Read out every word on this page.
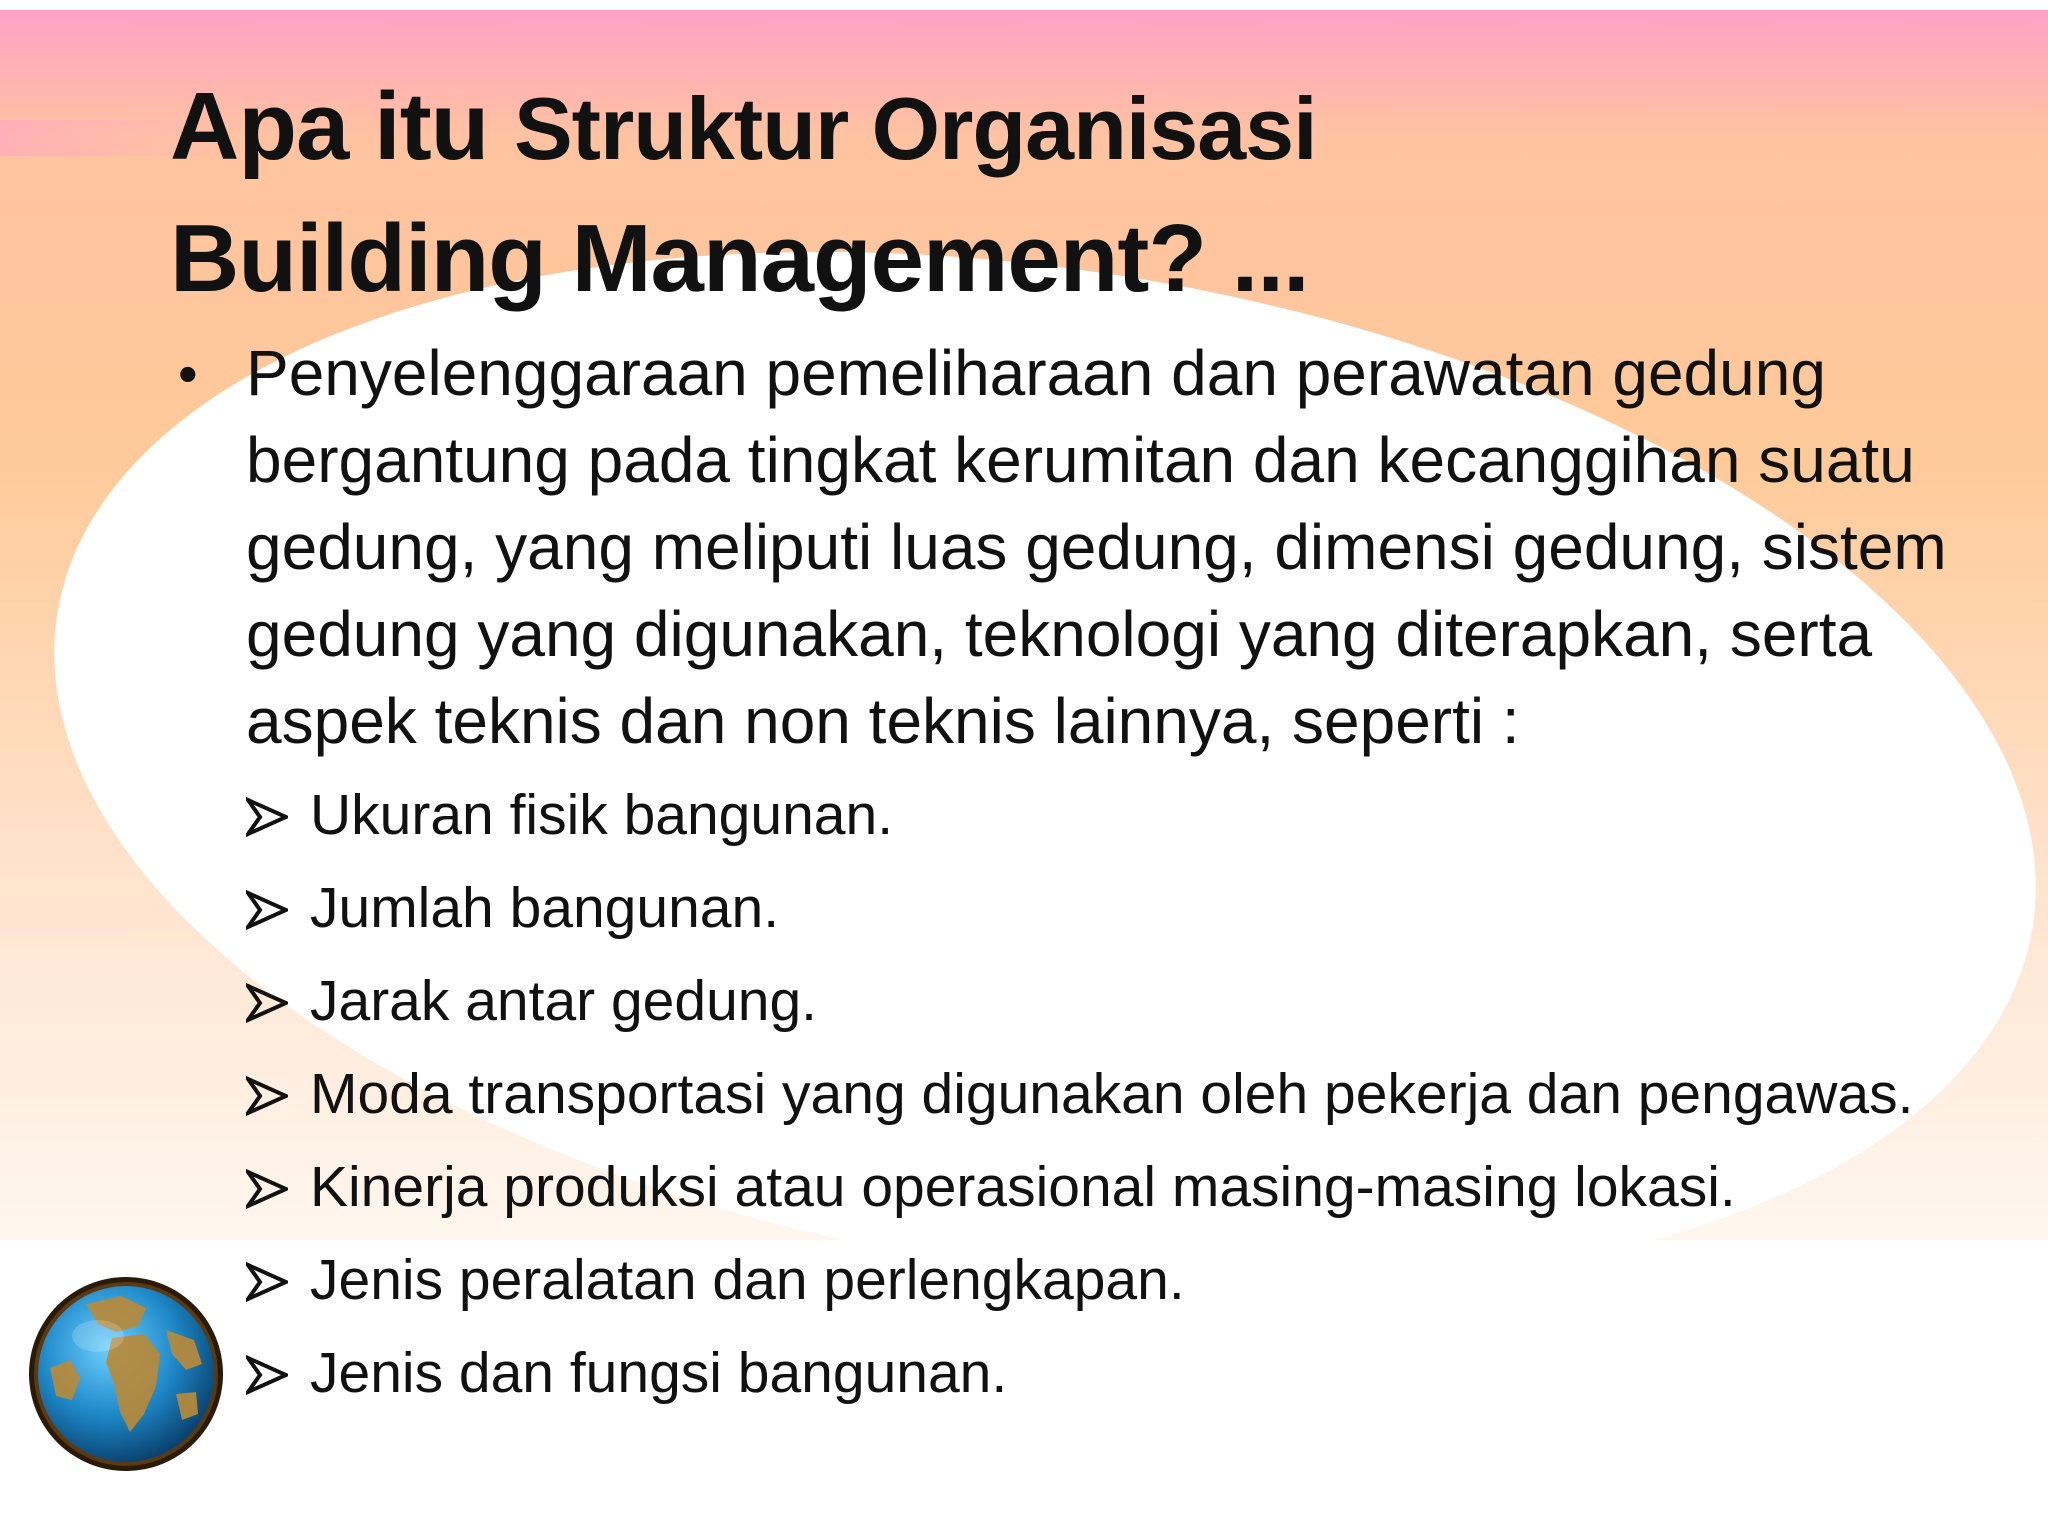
Apa itu Struktur Organisasi
Building Management? ...
• Penyelenggaraan pemeliharaan dan perawatan gedung bergantung pada tingkat kerumitan dan kecanggihan suatu gedung, yang meliputi luas gedung, dimensi gedung, sistem gedung yang digunakan, teknologi yang diterapkan, serta aspek teknis dan non teknis lainnya, seperti :
Ukuran fisik bangunan.
Jumlah bangunan.
Jarak antar gedung.
Moda transportasi yang digunakan oleh pekerja dan pengawas.
Kinerja produksi atau operasional masing-masing lokasi.
Jenis peralatan dan perlengkapan.
Jenis dan fungsi bangunan.
